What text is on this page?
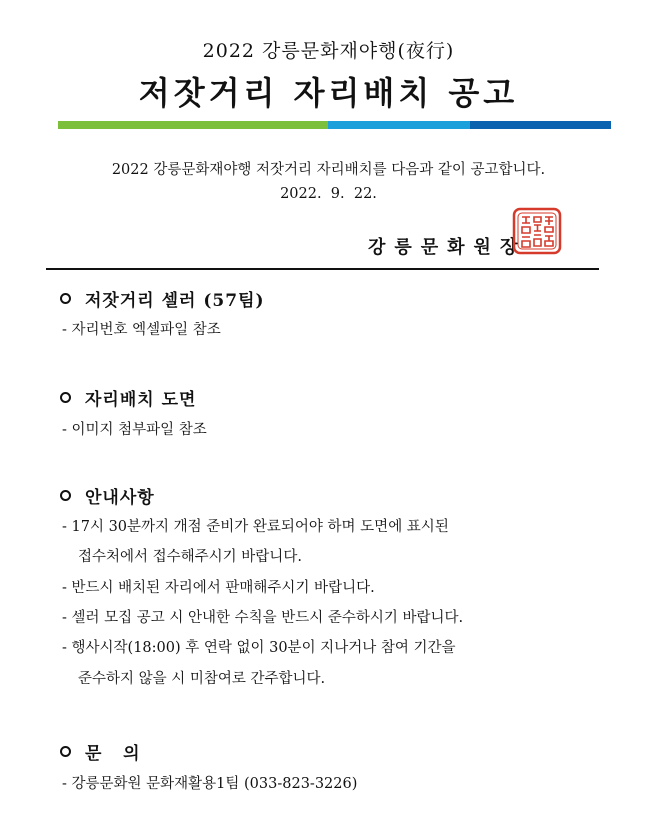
2022 강릉문화재야행(夜行)
저잣거리 자리배치 공고
2022 강릉문화재야행 저잣거리 자리배치를 다음과 같이 공고합니다.
2022.  9.  22.
강릉문화원장
저잣거리 셀러 (57팀)
- 자리번호 엑셀파일 참조
자리배치 도면
- 이미지 첨부파일 참조
안내사항
- 17시 30분까지 개점 준비가 완료되어야 하며 도면에 표시된
접수처에서 접수해주시기 바랍니다.
- 반드시 배치된 자리에서 판매해주시기 바랍니다.
- 셀러 모집 공고 시 안내한 수칙을 반드시 준수하시기 바랍니다.
- 행사시작(18:00) 후 연락 없이 30분이 지나거나 참여 기간을
준수하지 않을 시 미참여로 간주합니다.
문   의
- 강릉문화원 문화재활용1팀 (033-823-3226)
